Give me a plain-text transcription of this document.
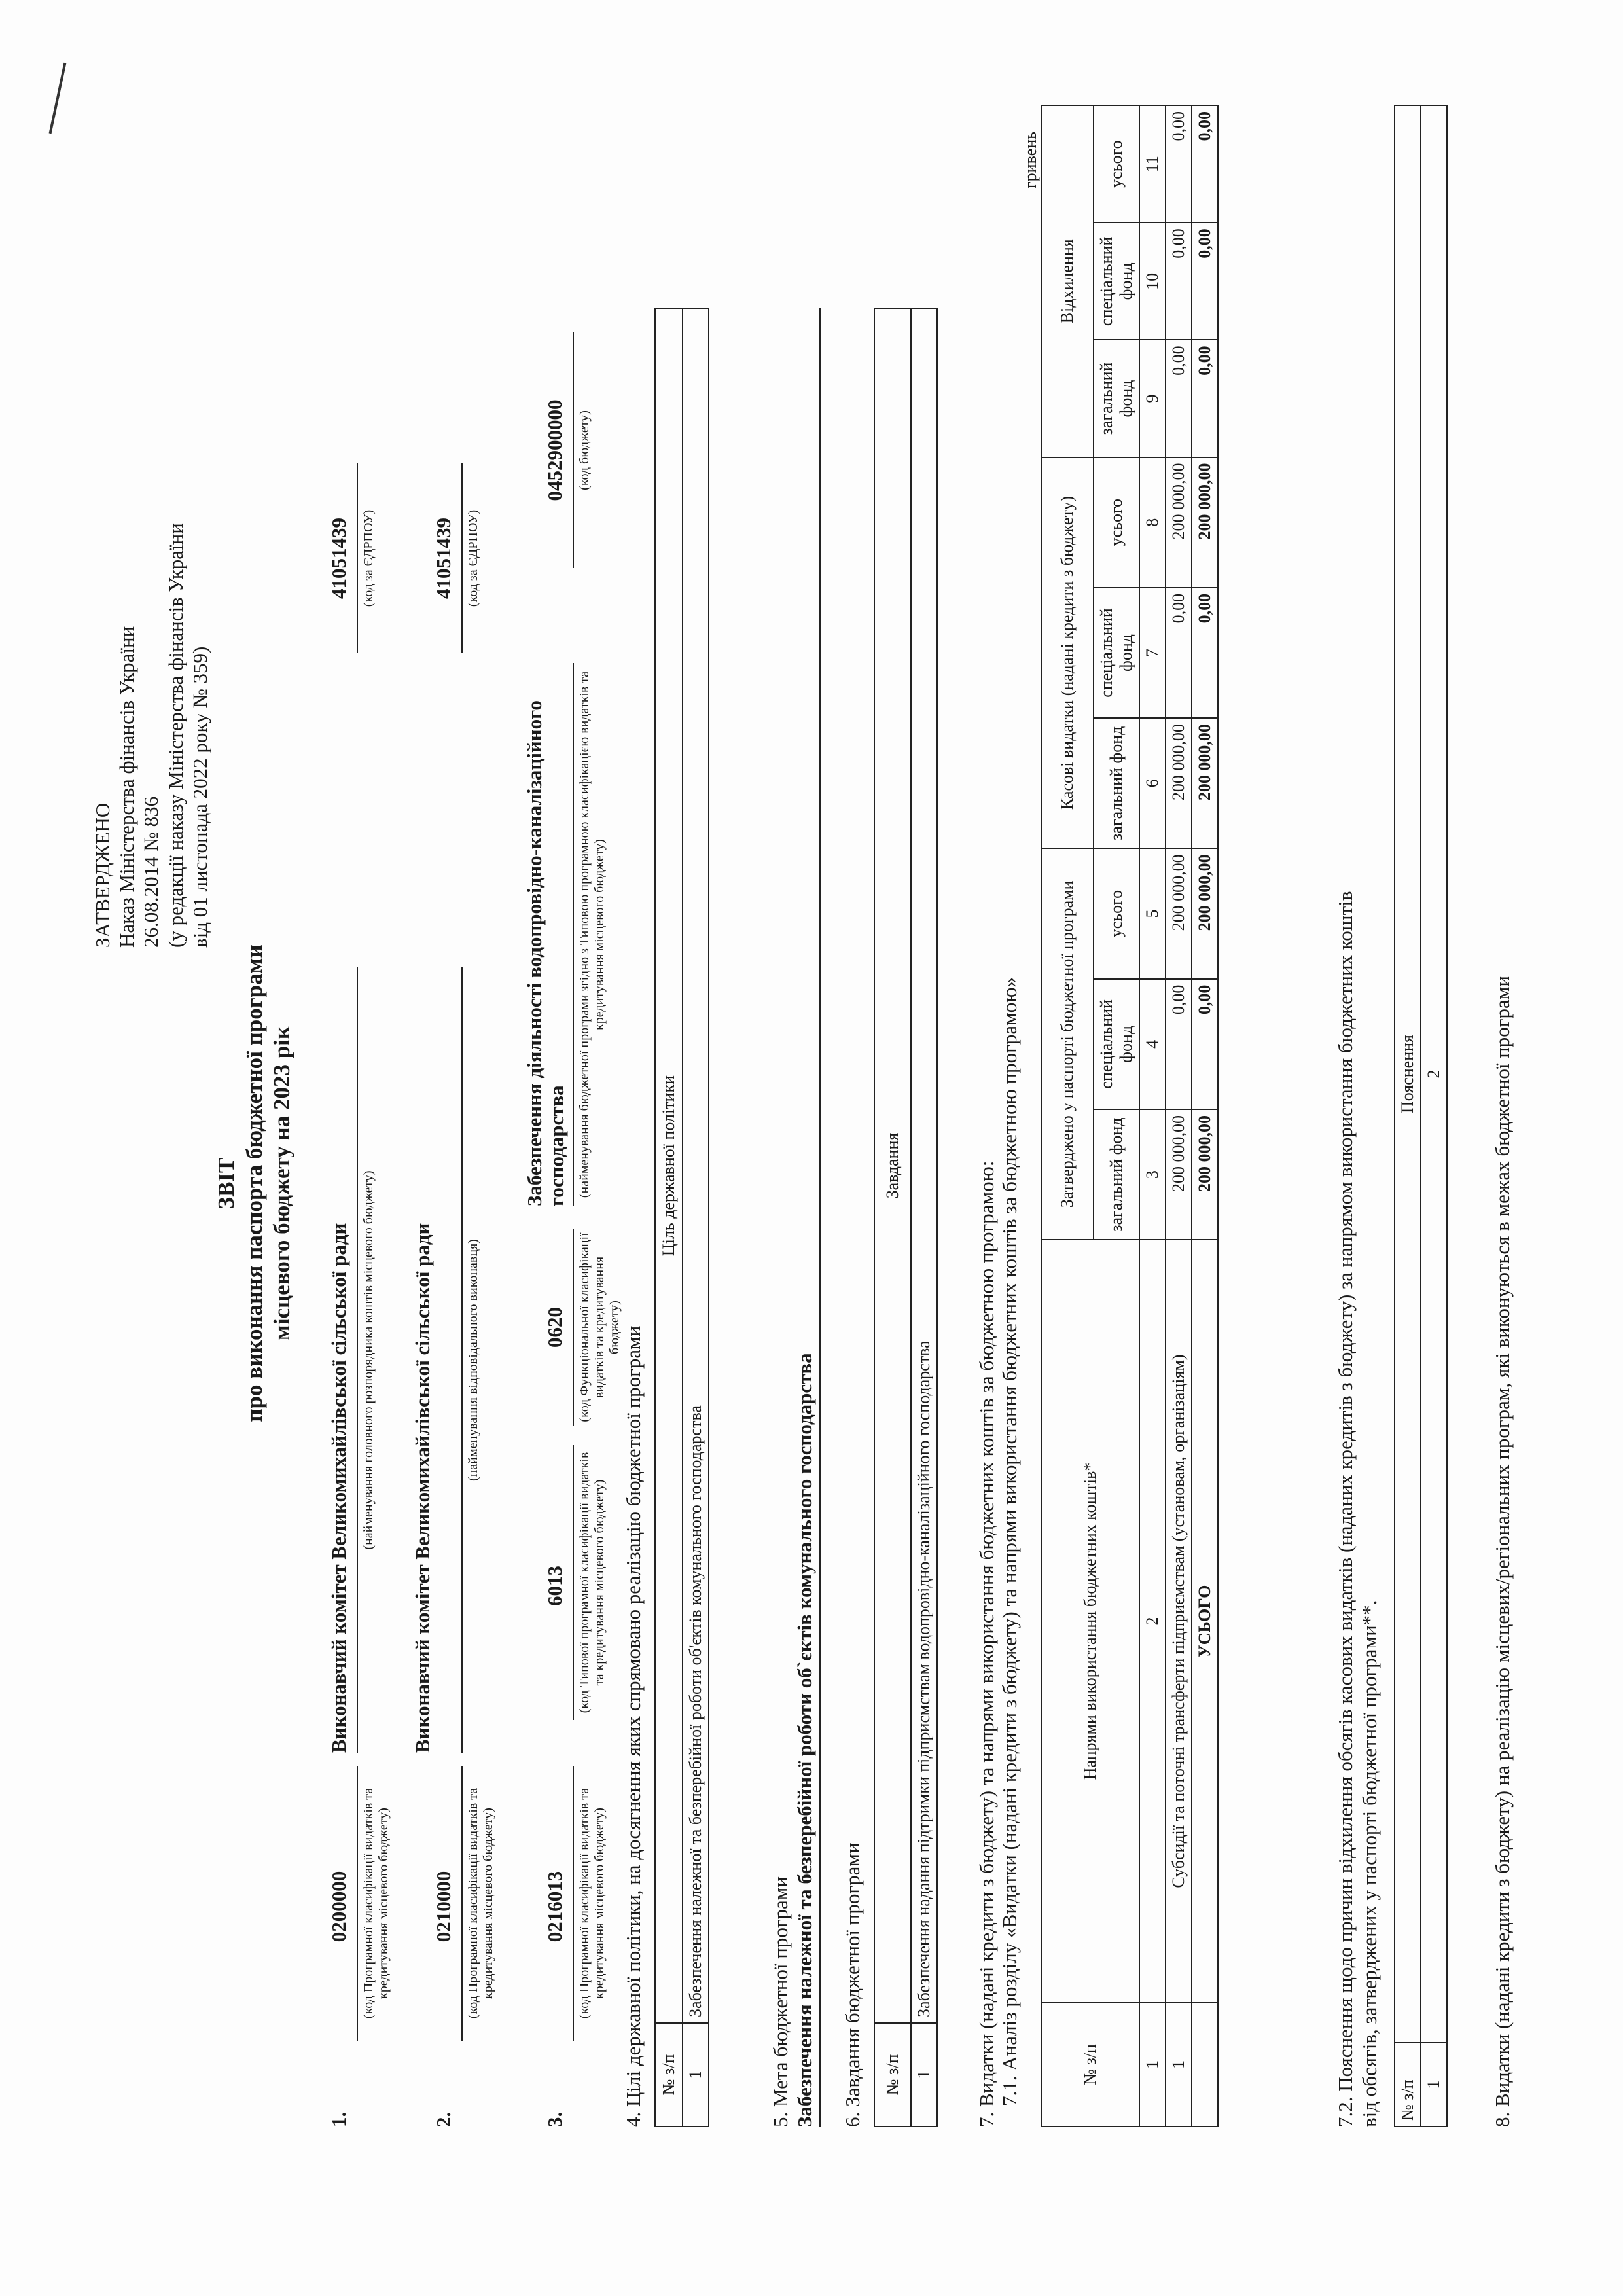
ЗАТВЕРДЖЕНО Наказ Міністерства фінансів України 26.08.2014 № 836 (у редакції наказу Міністерства фінансів України від 01 листопада 2022 року № 359)
ЗВІТ про виконання паспорта бюджетної програми місцевого бюджету на 2023 рік
1.
0200000 (код Програмної класифікації видатків та кредитування місцевого бюджету)
Виконавчий комітет Великомихайлівської сільської ради (найменування головного розпорядника коштів місцевого бюджету)
41051439 (код за ЄДРПОУ)
2.
0210000 (код Програмної класифікації видатків та кредитування місцевого бюджету)
Виконавчий комітет Великомихайлівської сільської ради (найменування відповідального виконавця)
41051439 (код за ЄДРПОУ)
3.
0216013 (код Програмної класифікації видатків та кредитування місцевого бюджету)
6013 (код Типової програмної класифікації видатків та кредитування місцевого бюджету)
0620 (код Функціональної класифікації видатків та кредитування бюджету)
Забезпечення діяльності водопровідно-каналізаційного господарства (найменування бюджетної програми згідно з Типовою програмною класифікацією видатків та кредитування місцевого бюджету)
0452900000 (код бюджету)
4. Цілі державної політики, на досягнення яких спрямовано реалізацію бюджетної програми № з/п	Ціль державної політики
1	Забезпечення належної та безперебійної роботи об'єктів комунального господарства	5. Мета бюджетної програми Забезпечення належної та безперебійної роботи об`єктів комунального господарства 6. Завдання бюджетної програми № з/п	Завдання
1	Забезпечення надання підтримки підприємствам водопровідно-каналізаційного господарства 7. Видатки (надані кредити з бюджету) та напрями використання бюджетних коштів за бюджетною програмою: 7.1. Аналіз розділу «Видатки (надані кредити з бюджету) та напрями використання бюджетних коштів за бюджетною програмою»
гривень
№ з/п	Напрями використання бюджетних коштів*	Затверджено у паспорті бюджетної програми			Касові видатки (надані кредити з бюджету)			Відхилення		
		загальний фонд	спеціальний фонд	усього	загальний фонд	спеціальний фонд	усього	загальний фонд	спеціальний фонд	усього
1	2	3	4	5	6	7	8	9	10	11
1	Субсидії та поточні трансферти підприємствам (установам, організаціям)	200 000,00	0,00	200 000,00	200 000,00	0,00	200 000,00	0,00	0,00	0,00
	УСЬОГО	200 000,00	0,00	200 000,00	200 000,00	0,00	200 000,00	0,00	0,00	0,00
7.2. Пояснення щодо причин відхилення обсягів касових видатків (наданих кредитів з бюджету) за напрямом використання бюджетних коштів від обсягів, затверджених у паспорті бюджетної програми**. № з/п	Пояснення
1	2 8. Видатки (надані кредити з бюджету) на реалізацію місцевих/регіональних програм, які виконуються в межах бюджетної програми
